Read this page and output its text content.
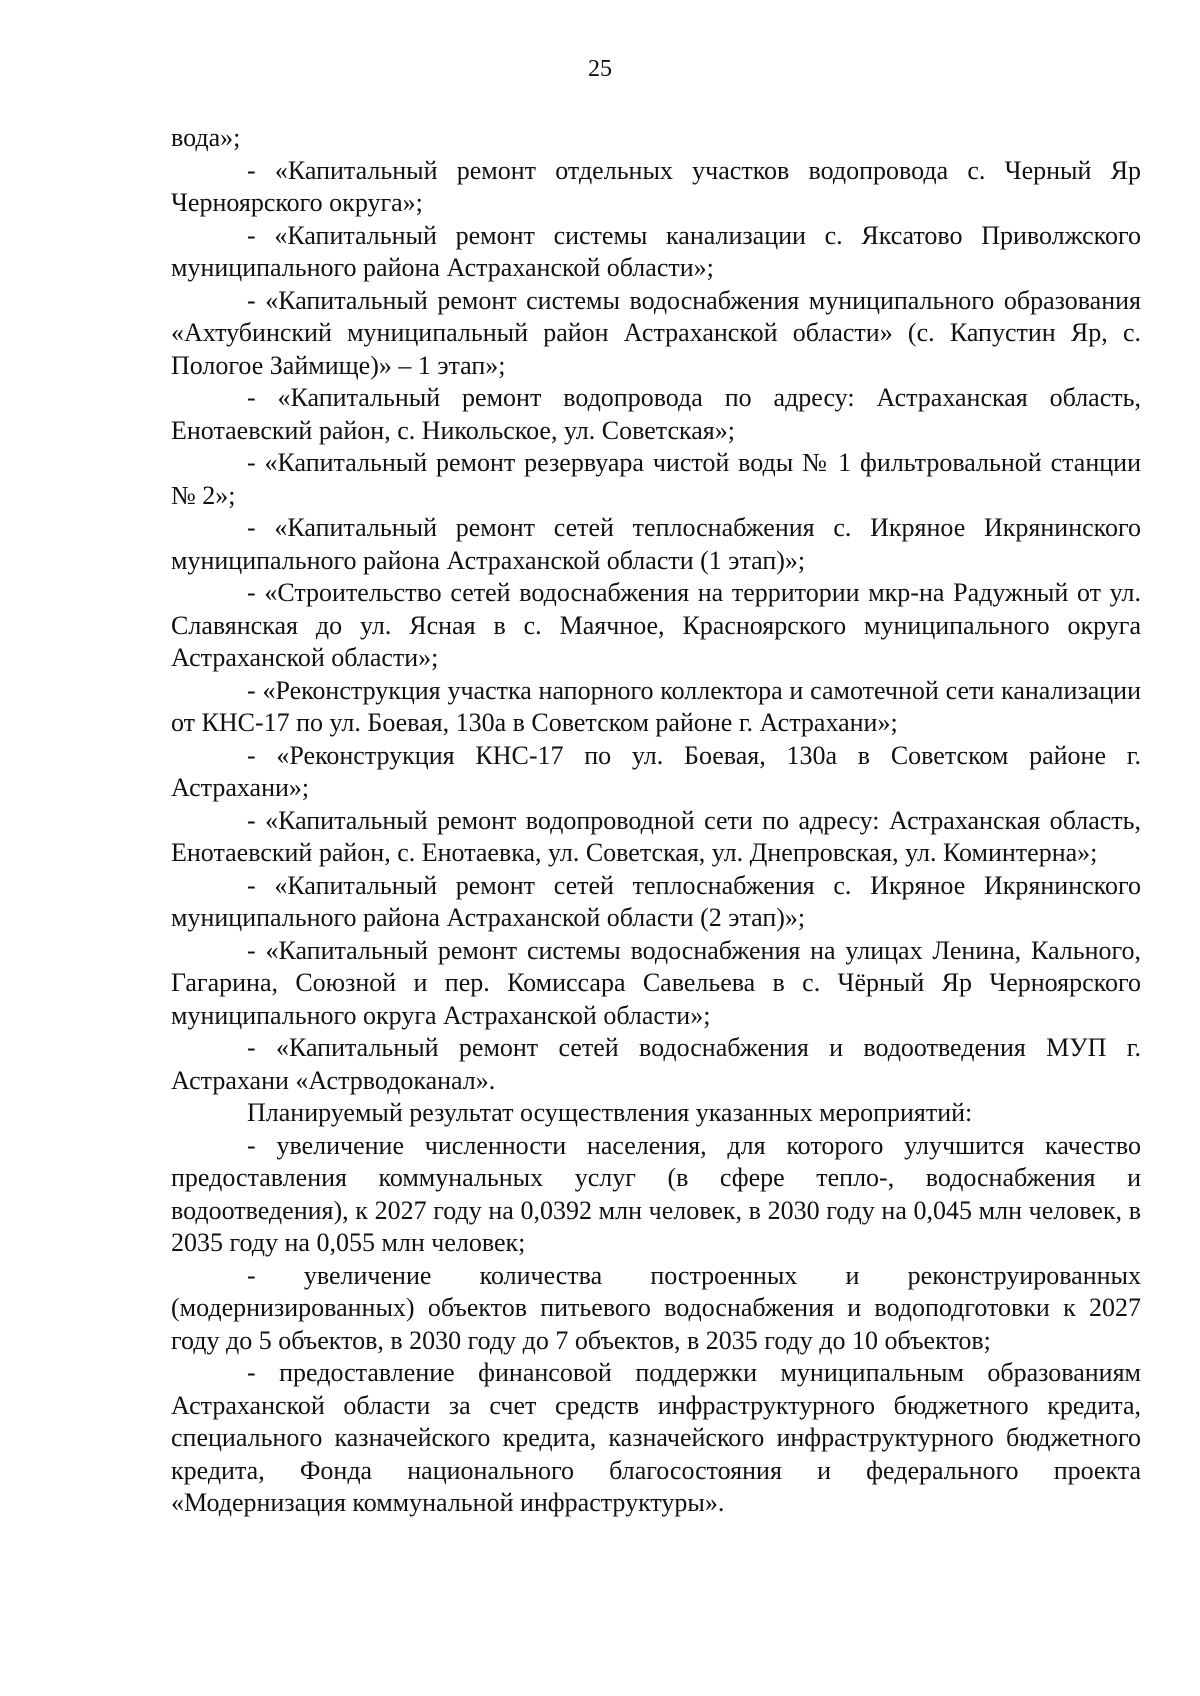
25

вода»;

- «Капитальный ремонт отдельных участков водопровода с. Черный Яр Черноярского округа»;

- «Капитальный ремонт системы канализации с. Яксатово Приволжского муниципального района Астраханской области»;

- «Капитальный ремонт системы водоснабжения муниципального образования «Ахтубинский муниципальный район Астраханской области» (с. Капустин Яр, с. Пологое Займище)» – 1 этап»;

- «Капитальный ремонт водопровода по адресу: Астраханская область, Енотаевский район, с. Никольское, ул. Советская»;

- «Капитальный ремонт резервуара чистой воды № 1 фильтровальной станции № 2»;

- «Капитальный ремонт сетей теплоснабжения с. Икряное Икрянинского муниципального района Астраханской области (1 этап)»;

- «Строительство сетей водоснабжения на территории мкр-на Радужный от ул. Славянская до ул. Ясная в с. Маячное, Красноярского муниципального округа Астраханской области»;

- «Реконструкция участка напорного коллектора и самотечной сети канализации от КНС-17 по ул. Боевая, 130а в Советском районе г. Астрахани»;

- «Реконструкция КНС-17 по ул. Боевая, 130а в Советском районе г. Астрахани»;

- «Капитальный ремонт водопроводной сети по адресу: Астраханская область, Енотаевский район, с. Енотаевка, ул. Советская, ул. Днепровская, ул. Коминтерна»;

- «Капитальный ремонт сетей теплоснабжения с. Икряное Икрянинского муниципального района Астраханской области (2 этап)»;

- «Капитальный ремонт системы водоснабжения на улицах Ленина, Кального, Гагарина, Союзной и пер. Комиссара Савельева в с. Чёрный Яр Черноярского муниципального округа Астраханской области»;

- «Капитальный ремонт сетей водоснабжения и водоотведения МУП г. Астрахани «Астрводоканал».

Планируемый результат осуществления указанных мероприятий:

- увеличение численности населения, для которого улучшится качество предоставления коммунальных услуг (в сфере тепло-, водоснабжения и водоотведения), к 2027 году на 0,0392 млн человек, в 2030 году на 0,045 млн человек, в 2035 году на 0,055 млн человек;

- увеличение количества построенных и реконструированных (модернизированных) объектов питьевого водоснабжения и водоподготовки к 2027 году до 5 объектов, в 2030 году до 7 объектов, в 2035 году до 10 объектов;

- предоставление финансовой поддержки муниципальным образованиям Астраханской области за счет средств инфраструктурного бюджетного кредита, специального казначейского кредита, казначейского инфраструктурного бюджетного кредита, Фонда национального благосостояния и федерального проекта «Модернизация коммунальной инфраструктуры».
